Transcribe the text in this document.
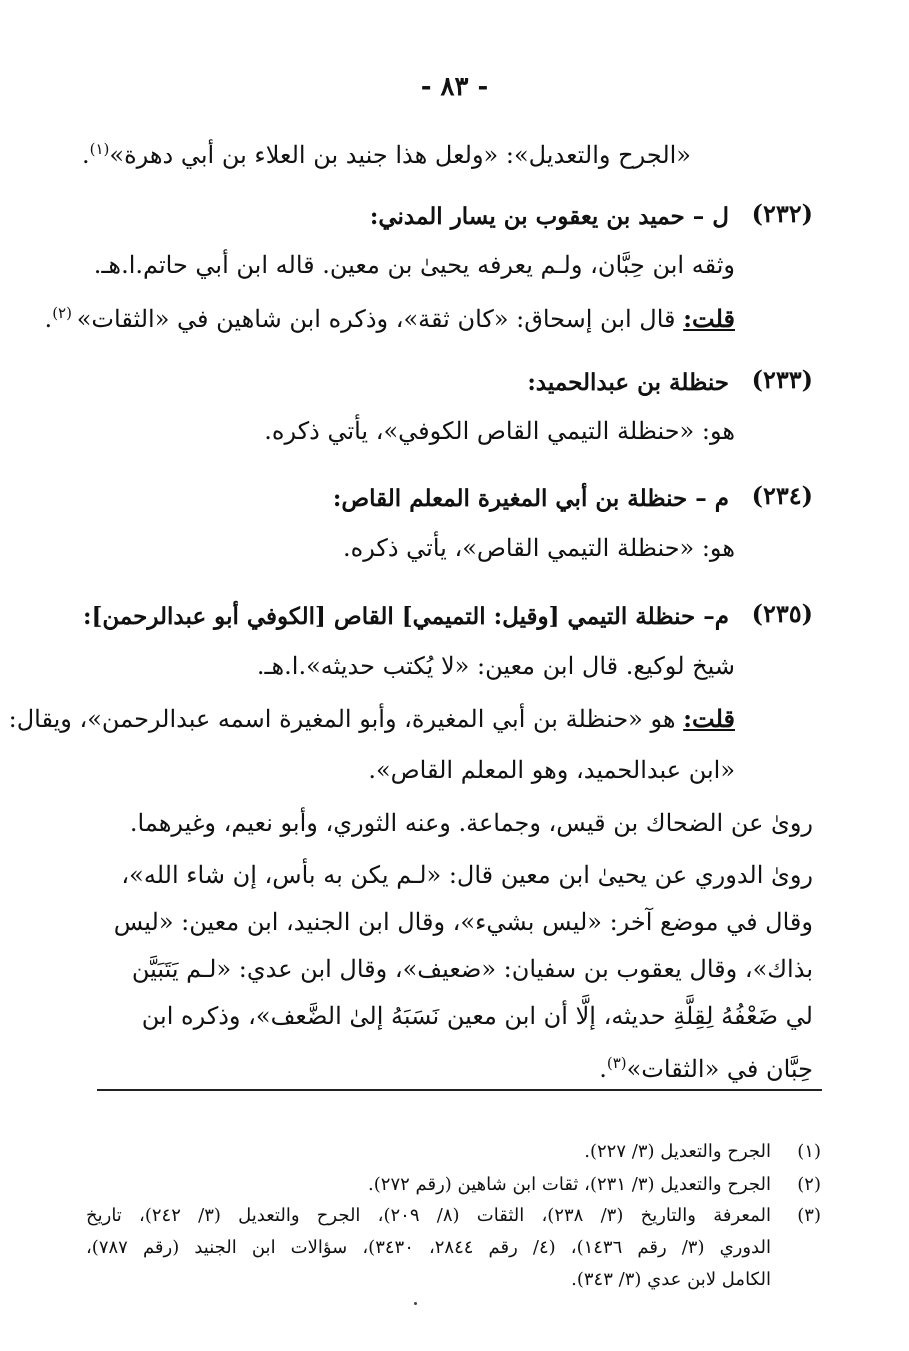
- ٨٣ -
«الجرح والتعديل»: «ولعل هذا جنيد بن العلاء بن أبي دهرة»$^{(١)}$.
(٢٣٢)
ل – حميد بن يعقوب بن يسار المدني:
وثقه ابن حِبَّان، ولـم يعرفه يحيىٰ بن معين. قاله ابن أبي حاتم.ا.هـ.
قلت: قال ابن إسحاق: «كان ثقة»، وذكره ابن شاهين في «الثقات» $^{(٢)}$.
(٢٣٣)
حنظلة بن عبدالحميد:
هو: «حنظلة التيمي القاص الكوفي»، يأتي ذكره.
(٢٣٤)
م – حنظلة بن أبي المغيرة المعلم القاص:
هو: «حنظلة التيمي القاص»، يأتي ذكره.
(٢٣٥)
م– حنظلة التيمي [وقيل: التميمي] القاص [الكوفي أبو عبدالرحمن]:
شيخ لوكيع. قال ابن معين: «لا يُكتب حديثه».ا.هـ.
قلت: هو «حنظلة بن أبي المغيرة، وأبو المغيرة اسمه عبدالرحمن»، ويقال:
«ابن عبدالحميد، وهو المعلم القاص».
روىٰ عن الضحاك بن قيس، وجماعة. وعنه الثوري، وأبو نعيم، وغيرهما.
روىٰ الدوري عن يحيىٰ ابن معين قال: «لـم يكن به بأس، إن شاء الله»،
وقال في موضع آخر: «ليس بشيء»، وقال ابن الجنيد، ابن معين: «ليس
بذاك»، وقال يعقوب بن سفيان: «ضعيف»، وقال ابن عدي: «لـم يَتَبَيَّن
لي ضَعْفُهُ لِقِلَّةِ حديثه، إلَّا أن ابن معين نَسَبَهُ إلىٰ الضَّعف»، وذكره ابن
حِبَّان في «الثقات»$^{(٣)}$.
(١)
الجرح والتعديل (٣/ ٢٢٧).
(٢)
الجرح والتعديل (٣/ ٢٣١)، ثقات ابن شاهين (رقم ٢٧٢).
(٣)
المعرفة والتاريخ (٣/ ٢٣٨)، الثقات (٨/ ٢٠٩)، الجرح والتعديل (٣/ ٢٤٢)، تاريخ
الدوري (٣/ رقم ١٤٣٦)، (٤/ رقم ٢٨٤٤، ٣٤٣٠)، سؤالات ابن الجنيد (رقم ٧٨٧)،
الكامل لابن عدي (٣/ ٣٤٣).
